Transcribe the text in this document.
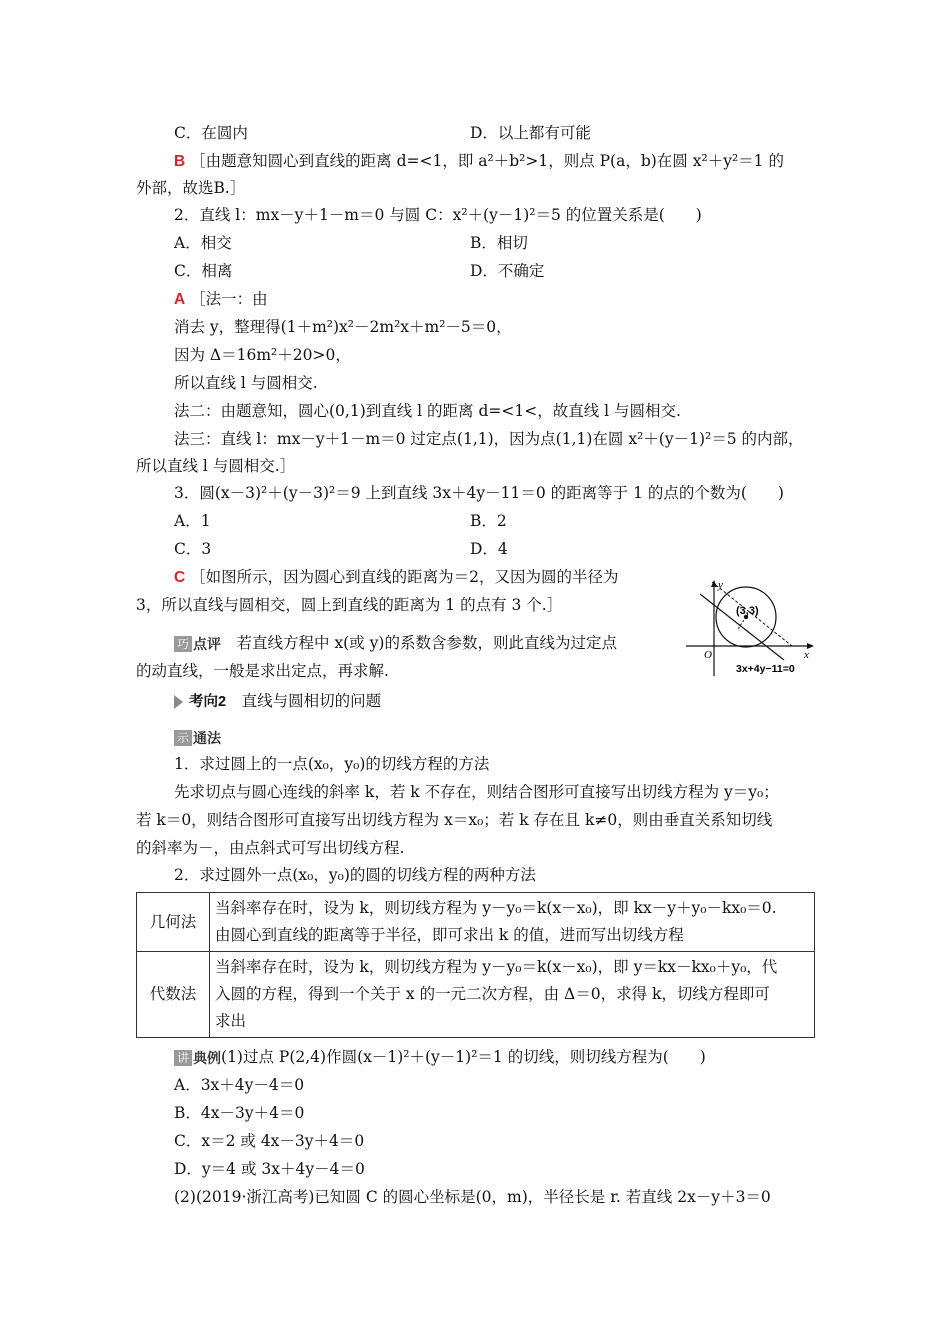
C．在圆内	D．以上都有可能
B ［由题意知圆心到直线的距离 d=<1，即 a²＋b²>1，则点 P(a，b)在圆 x²＋y²＝1 的
外部，故选B.］
2．直线 l：mx－y＋1－m＝0 与圆 C：x²＋(y－1)²＝5 的位置关系是(　　)
A．相交	B．相切
C．相离	D．不确定
A ［法一：由
消去 y，整理得(1＋m²)x²－2m²x＋m²－5＝0，
因为 Δ＝16m²＋20>0，
所以直线 l 与圆相交.
法二：由题意知，圆心(0,1)到直线 l 的距离 d=<1<，故直线 l 与圆相交.
法三：直线 l：mx－y＋1－m＝0 过定点(1,1)，因为点(1,1)在圆 x²＋(y－1)²＝5 的内部，
所以直线 l 与圆相交.］
3．圆(x－3)²＋(y－3)²＝9 上到直线 3x＋4y－11＝0 的距离等于 1 的点的个数为(　　)
A．1	B．2
C．3	D．4
C ［如图所示，因为圆心到直线的距离为＝2，又因为圆的半径为
3，所以直线与圆相交，圆上到直线的距离为 1 的点有 3 个.］
巧 点评　若直线方程中 x(或 y)的系数含参数，则此直线为过定点
的动直线，一般是求出定点，再求解.
考向2　 直线与圆相切的问题
示 通法
1．求过圆上的一点(x₀，y₀)的切线方程的方法
先求切点与圆心连线的斜率 k，若 k 不存在，则结合图形可直接写出切线方程为 y＝y₀；
若 k＝0，则结合图形可直接写出切线方程为 x＝x₀；若 k 存在且 k≠0，则由垂直关系知切线
的斜率为－，由点斜式可写出切线方程.
2．求过圆外一点(x₀，y₀)的圆的切线方程的两种方法
几何法	当斜率存在时，设为 k，则切线方程为 y－y₀＝k(x－x₀)，即 kx－y＋y₀－kx₀＝0.
由圆心到直线的距离等于半径，即可求出 k 的值，进而写出切线方程

代数法	当斜率存在时，设为 k，则切线方程为 y－y₀＝k(x－x₀)，即 y＝kx－kx₀＋y₀，代
入圆的方程，得到一个关于 x 的一元二次方程，由 Δ＝0，求得 k，切线方程即可
求出
讲 典例(1)过点 P(2,4)作圆(x－1)²＋(y－1)²＝1 的切线，则切线方程为(　　)
A．3x＋4y－4＝0
B．4x－3y＋4＝0
C．x＝2 或 4x－3y＋4＝0
D．y＝4 或 3x＋4y－4＝0
(2)(2019·浙江高考)已知圆 C 的圆心坐标是(0，m)，半径长是 r. 若直线 2x－y＋3＝0
(3,3)
y
x
O
3x+4y−11=0
